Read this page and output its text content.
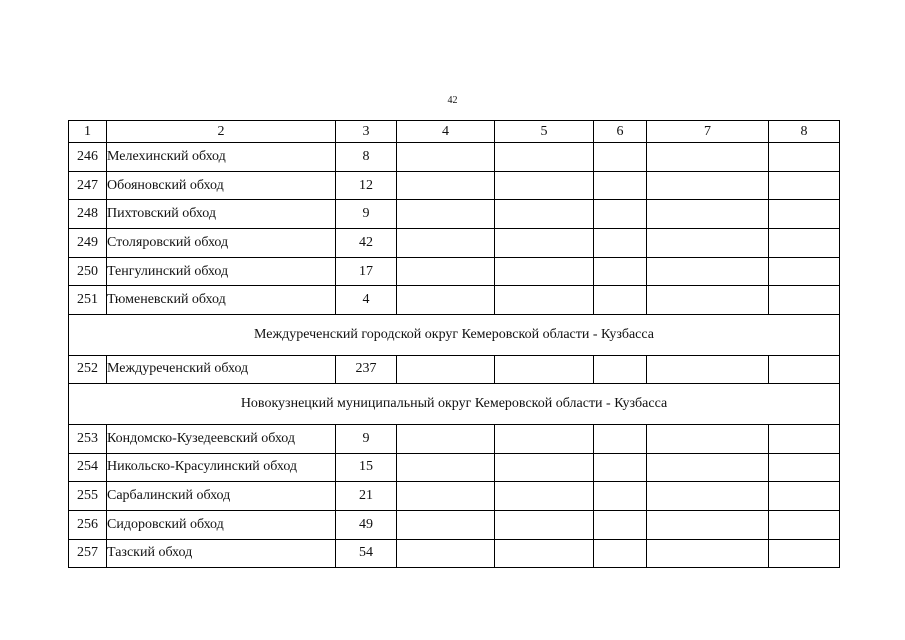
42
1	2	3	4	5	6	7	8
246	Мелехинский обход	8					
247	Обояновский обход	12					
248	Пихтовский обход	9					
249	Столяровский обход	42					
250	Тенгулинский обход	17					
251	Тюменевский обход	4					
Междуреченский городской округ Кемеровской области - Кузбасса							
252	Междуреченский обход	237					
Новокузнецкий муниципальный округ Кемеровской области - Кузбасса							
253	Кондомско-Кузедеевский обход	9					
254	Никольско-Красулинский обход	15					
255	Сарбалинский обход	21					
256	Сидоровский обход	49					
257	Тазский обход	54					
